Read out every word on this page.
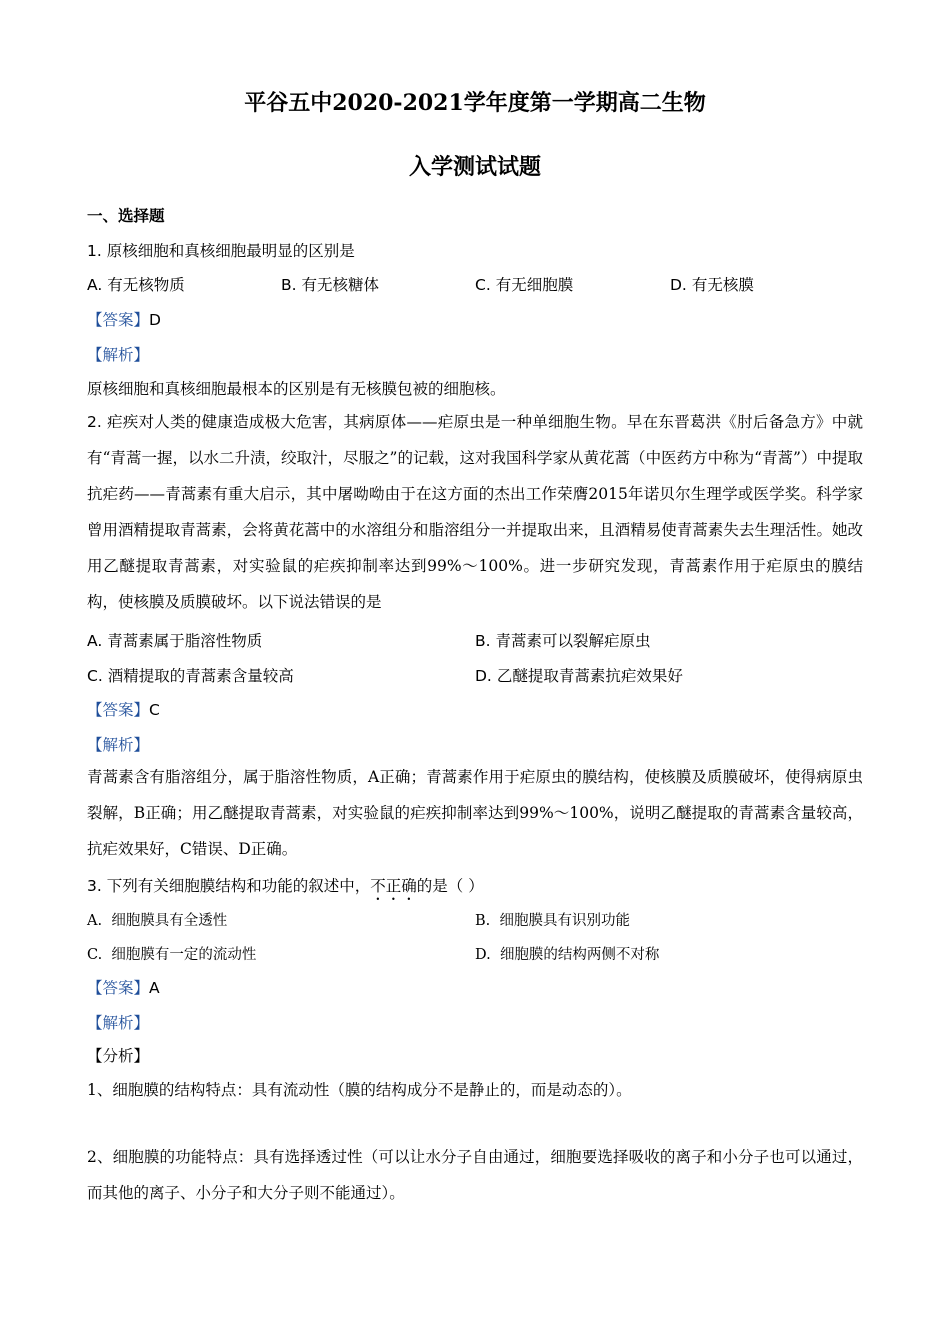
平谷五中2020-2021学年度第一学期高二生物
入学测试试题
一、选择题
1. 原核细胞和真核细胞最明显的区别是
A. 有无核物质	B. 有无核糖体	C. 有无细胞膜	D. 有无核膜
【答案】D
【解析】
原核细胞和真核细胞最根本的区别是有无核膜包被的细胞核。
2. 疟疾对人类的健康造成极大危害，其病原体——疟原虫是一种单细胞生物。早在东晋葛洪《肘后备急方》中就有“青蒿一握，以水二升渍，绞取汁，尽服之”的记载，这对我国科学家从黄花蒿（中医药方中称为“青蒿”）中提取抗疟药——青蒿素有重大启示，其中屠呦呦由于在这方面的杰出工作荣膺2015年诺贝尔生理学或医学奖。科学家曾用酒精提取青蒿素，会将黄花蒿中的水溶组分和脂溶组分一并提取出来，且酒精易使青蒿素失去生理活性。她改用乙醚提取青蒿素，对实验鼠的疟疾抑制率达到99%～100%。进一步研究发现，青蒿素作用于疟原虫的膜结构，使核膜及质膜破坏。以下说法错误的是
A. 青蒿素属于脂溶性物质	B. 青蒿素可以裂解疟原虫
C. 酒精提取的青蒿素含量较高	D. 乙醚提取青蒿素抗疟效果好
【答案】C
【解析】
青蒿素含有脂溶组分，属于脂溶性物质，A正确；青蒿素作用于疟原虫的膜结构，使核膜及质膜破坏，使得病原虫裂解，B正确；用乙醚提取青蒿素，对实验鼠的疟疾抑制率达到99%～100%，说明乙醚提取的青蒿素含量较高，抗疟效果好，C错误、D正确。
3. 下列有关细胞膜结构和功能的叙述中，不正确的是（ ）
A. 细胞膜具有全透性	B. 细胞膜具有识别功能
C. 细胞膜有一定的流动性	D. 细胞膜的结构两侧不对称
【答案】A
【解析】
【分析】
1、细胞膜的结构特点：具有流动性（膜的结构成分不是静止的，而是动态的）。
2、细胞膜的功能特点：具有选择透过性（可以让水分子自由通过，细胞要选择吸收的离子和小分子也可以通过，而其他的离子、小分子和大分子则不能通过）。
